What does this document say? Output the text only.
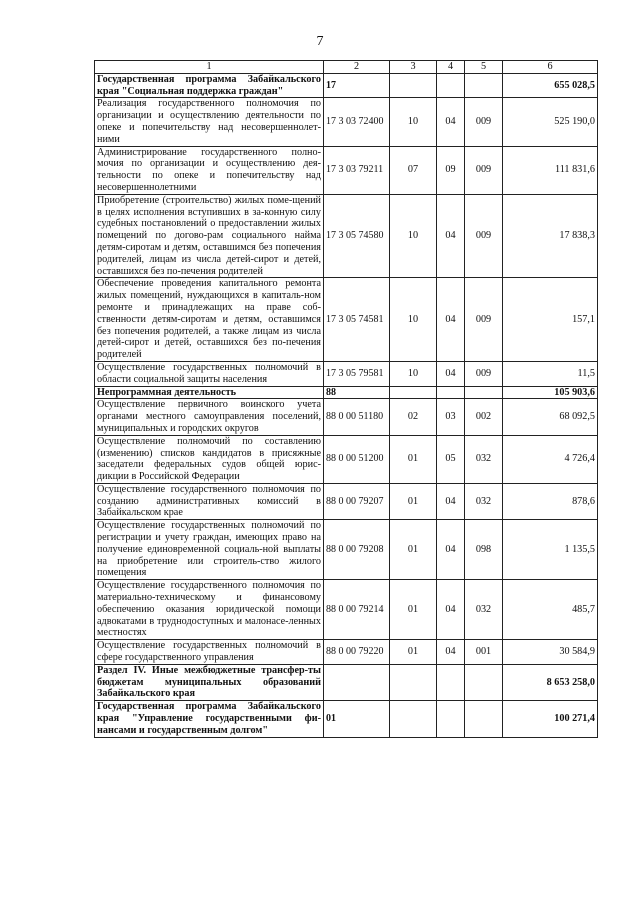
7
1	2	3	4	5	6
Государственная программа Забайкальского края "Социальная поддержка граждан"	17				655 028,5
Реализация государственного полномочия по организации и осуществлению деятельности по опеке и попечительству над несовершеннолет-ними	17 3 03 72400	10	04	009	525 190,0
Администрирование государственного полно-мочия по организации и осуществлению дея-тельности по опеке и попечительству над несовершеннолетними	17 3 03 79211	07	09	009	111 831,6
Приобретение (строительство) жилых поме-щений в целях исполнения вступивших в за-конную силу судебных постановлений о предоставлении жилых помещений по догово-рам социального найма детям-сиротам и детям, оставшимся без попечения родителей, лицам из числа детей-сирот и детей, оставшихся без по-печения родителей	17 3 05 74580	10	04	009	17 838,3
Обеспечение проведения капитального ремонта жилых помещений, нуждающихся в капиталь-ном ремонте и принадлежащих на праве соб-ственности детям-сиротам и детям, оставшимся без попечения родителей, а также лицам из числа детей-сирот и детей, оставшихся без по-печения родителей	17 3 05 74581	10	04	009	157,1
Осуществление государственных полномочий в области социальной защиты населения	17 3 05 79581	10	04	009	11,5
Непрограммная деятельность	88				105 903,6
Осуществление первичного воинского учета органами местного самоуправления поселений, муниципальных и городских округов	88 0 00 51180	02	03	002	68 092,5
Осуществление полномочий по составлению (изменению) списков кандидатов в присяжные заседатели федеральных судов общей юрис-дикции в Российской Федерации	88 0 00 51200	01	05	032	4 726,4
Осуществление государственного полномочия по созданию административных комиссий в Забайкальском крае	88 0 00 79207	01	04	032	878,6
Осуществление государственных полномочий по регистрации и учету граждан, имеющих право на получение единовременной социаль-ной выплаты на приобретение или строитель-ство жилого помещения	88 0 00 79208	01	04	098	1 135,5
Осуществление государственного полномочия по материально-техническому и финансовому обеспечению оказания юридической помощи адвокатами в труднодоступных и малонасе-ленных местностях	88 0 00 79214	01	04	032	485,7
Осуществление государственных полномочий в сфере государственного управления	88 0 00 79220	01	04	001	30 584,9
Раздел IV. Иные межбюджетные трансфер-ты бюджетам муниципальных образований Забайкальского края					8 653 258,0
Государственная программа Забайкальского края "Управление государственными фи-нансами и государственным долгом"	01				100 271,4
